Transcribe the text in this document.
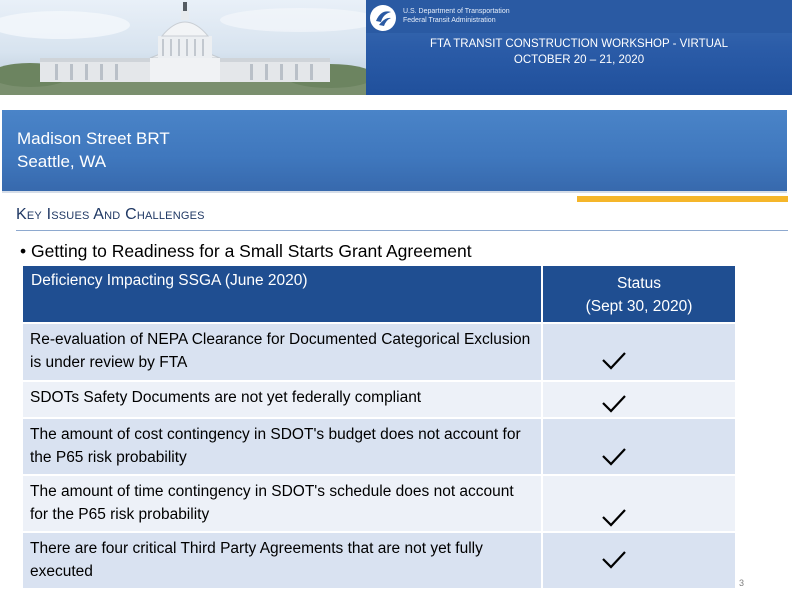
U.S. Department of Transportation
Federal Transit Administration
FTA TRANSIT CONSTRUCTION WORKSHOP - VIRTUAL
OCTOBER 20 – 21, 2020
Madison Street BRT
Seattle, WA
Key Issues And Challenges
• Getting to Readiness for a Small Starts Grant Agreement
Deficiency Impacting SSGA (June 2020)	Status
(Sept 30, 2020)
Re-evaluation of NEPA Clearance for Documented Categorical Exclusion is under review by FTA
SDOTs Safety Documents are not yet federally compliant
The amount of cost contingency in SDOT's budget does not account for the P65 risk probability
The amount of time contingency in SDOT's schedule does not account for the P65 risk probability
There are four critical Third Party Agreements that are not yet fully executed
3
